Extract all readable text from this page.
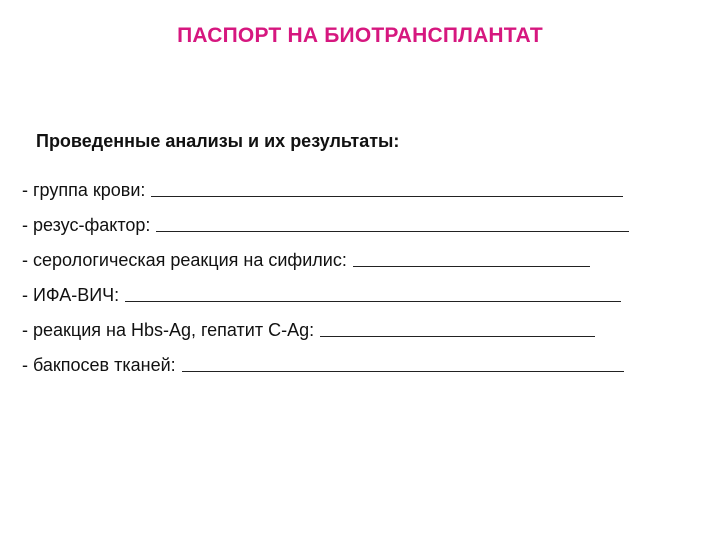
ПАСПОРТ НА БИОТРАНСПЛАНТАТ
Проведенные анализы и их результаты:
- группа крови:
- резус-фактор:
- серологическая реакция на сифилис:
- ИФА-ВИЧ:
- реакция на Hbs-Ag, гепатит С-Ag:
- бакпосев тканей:
